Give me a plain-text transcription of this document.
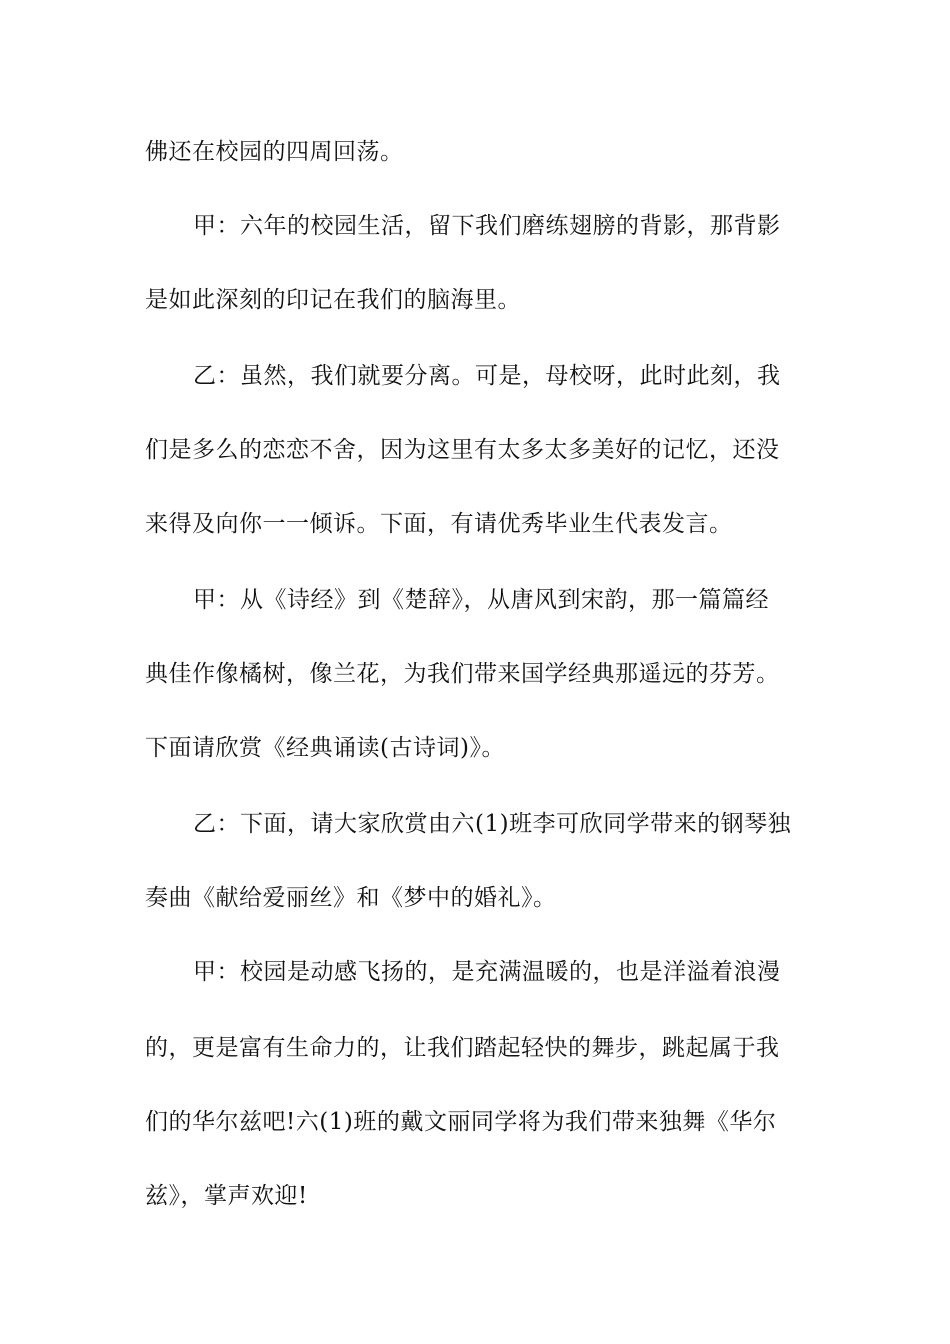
佛还在校园的四周回荡。
甲：六年的校园生活，留下我们磨练翅膀的背影，那背影
是如此深刻的印记在我们的脑海里。
乙：虽然，我们就要分离。可是，母校呀，此时此刻，我
们是多么的恋恋不舍，因为这里有太多太多美好的记忆，还没
来得及向你一一倾诉。下面，有请优秀毕业生代表发言。
甲：从《诗经》到《楚辞》，从唐风到宋韵，那一篇篇经
典佳作像橘树，像兰花，为我们带来国学经典那遥远的芬芳。
下面请欣赏《经典诵读(古诗词)》。
乙：下面，请大家欣赏由六(1)班李可欣同学带来的钢琴独
奏曲《献给爱丽丝》和《梦中的婚礼》。
甲：校园是动感飞扬的，是充满温暖的，也是洋溢着浪漫
的，更是富有生命力的，让我们踏起轻快的舞步，跳起属于我
们的华尔兹吧!六(1)班的戴文丽同学将为我们带来独舞《华尔
兹》，掌声欢迎!
